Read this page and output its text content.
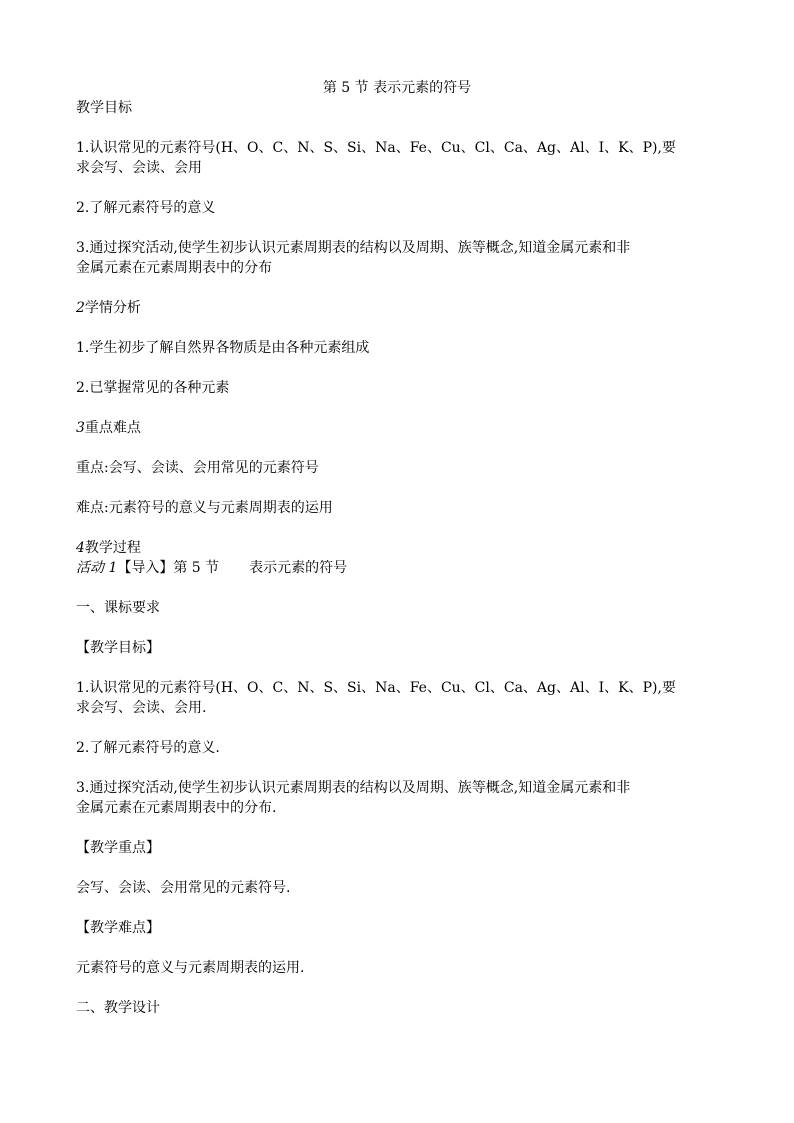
第 5 节 表示元素的符号
教学目标
1.认识常见的元素符号(H、O、C、N、S、Si、Na、Fe、Cu、Cl、Ca、Ag、Al、I、K、P),要
求会写、会读、会用
2.了解元素符号的意义
3.通过探究活动,使学生初步认识元素周期表的结构以及周期、族等概念,知道金属元素和非
金属元素在元素周期表中的分布
2学情分析
1.学生初步了解自然界各物质是由各种元素组成
2.已掌握常见的各种元素
3重点难点
重点:会写、会读、会用常见的元素符号
难点:元素符号的意义与元素周期表的运用
4教学过程
活动 1【导入】第 5 节 表示元素的符号
一、课标要求
【教学目标】
1.认识常见的元素符号(H、O、C、N、S、Si、Na、Fe、Cu、Cl、Ca、Ag、Al、I、K、P),要
求会写、会读、会用.
2.了解元素符号的意义.
3.通过探究活动,使学生初步认识元素周期表的结构以及周期、族等概念,知道金属元素和非
金属元素在元素周期表中的分布.
【教学重点】
会写、会读、会用常见的元素符号.
【教学难点】
元素符号的意义与元素周期表的运用.
二、教学设计
